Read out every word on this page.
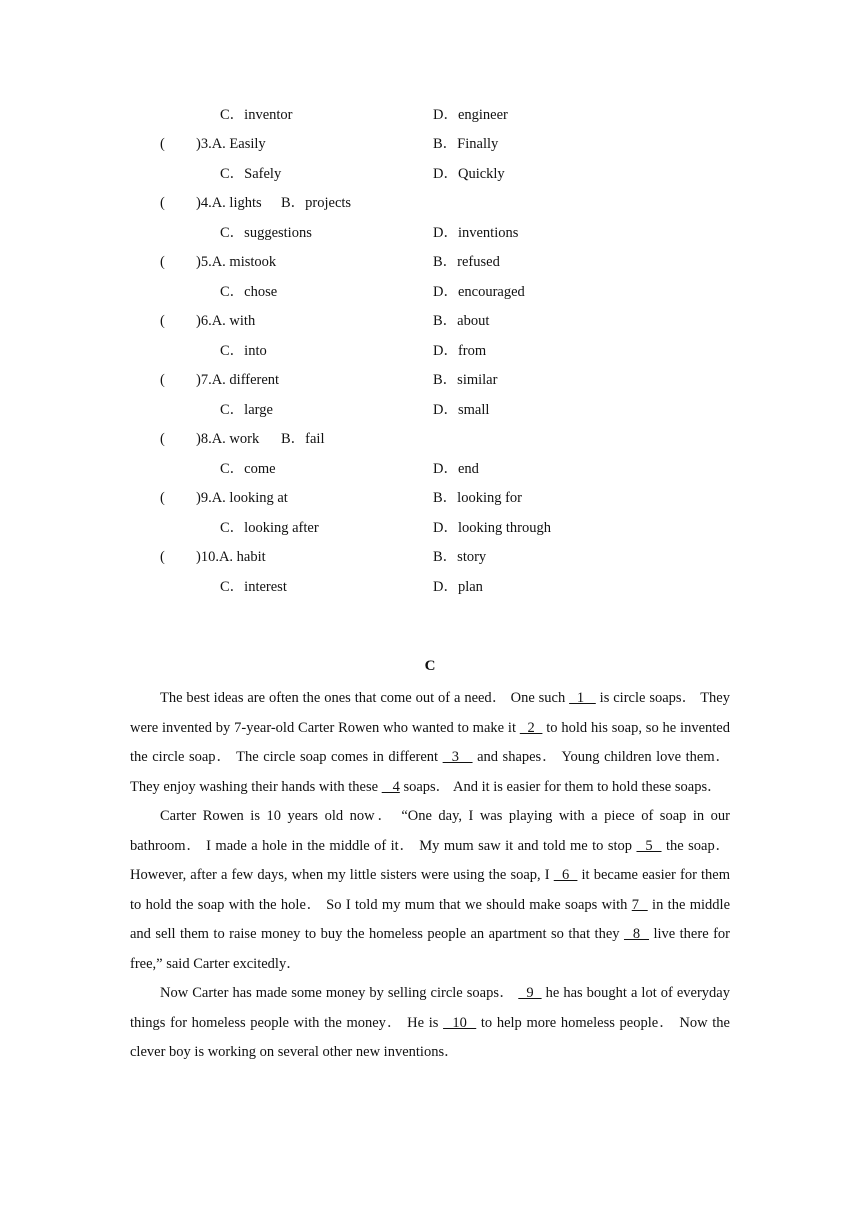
C．inventor	D．engineer
( )3.A. Easily	B．Finally
C．Safely	D．Quickly
( )4.A. lights B．projects
C．suggestions	D．inventions
( )5.A. mistook	B．refused
C．chose	D．encouraged
( )6.A. with	B．about
C．into	D．from
( )7.A. different	B．similar
C．large	D．small
( )8.A. work B．fail
C．come	D．end
( )9.A. looking at	B．looking for
C．looking after	D．looking through
( )10.A. habit	B．story
C．interest	D．plan
C

The best ideas are often the ones that come out of a need． One such   1    is circle soaps． They were invented by 7-year-old Carter Rowen who wanted to make it   2   to hold his soap, so he invented the circle soap． The circle soap comes in different   3    and shapes． Young children love them． They enjoy washing their hands with these    4 soaps． And it is easier for them to hold these soaps．

Carter Rowen is 10 years old now． “One day, I was playing with a piece of soap in our bathroom． I made a hole in the middle of it． My mum saw it and told me to stop   5   the soap． However, after a few days, when my little sisters were using the soap, I   6   it became easier for them to hold the soap with the hole． So I told my mum that we should make soaps with 7   in the middle and sell them to raise money to buy the homeless people an apartment so that they   8   live there for free,” said Carter excitedly．

Now Carter has made some money by selling circle soaps．   9   he has bought a lot of everyday things for homeless people with the money． He is   10   to help more homeless people． Now the clever boy is working on several other new inventions．
